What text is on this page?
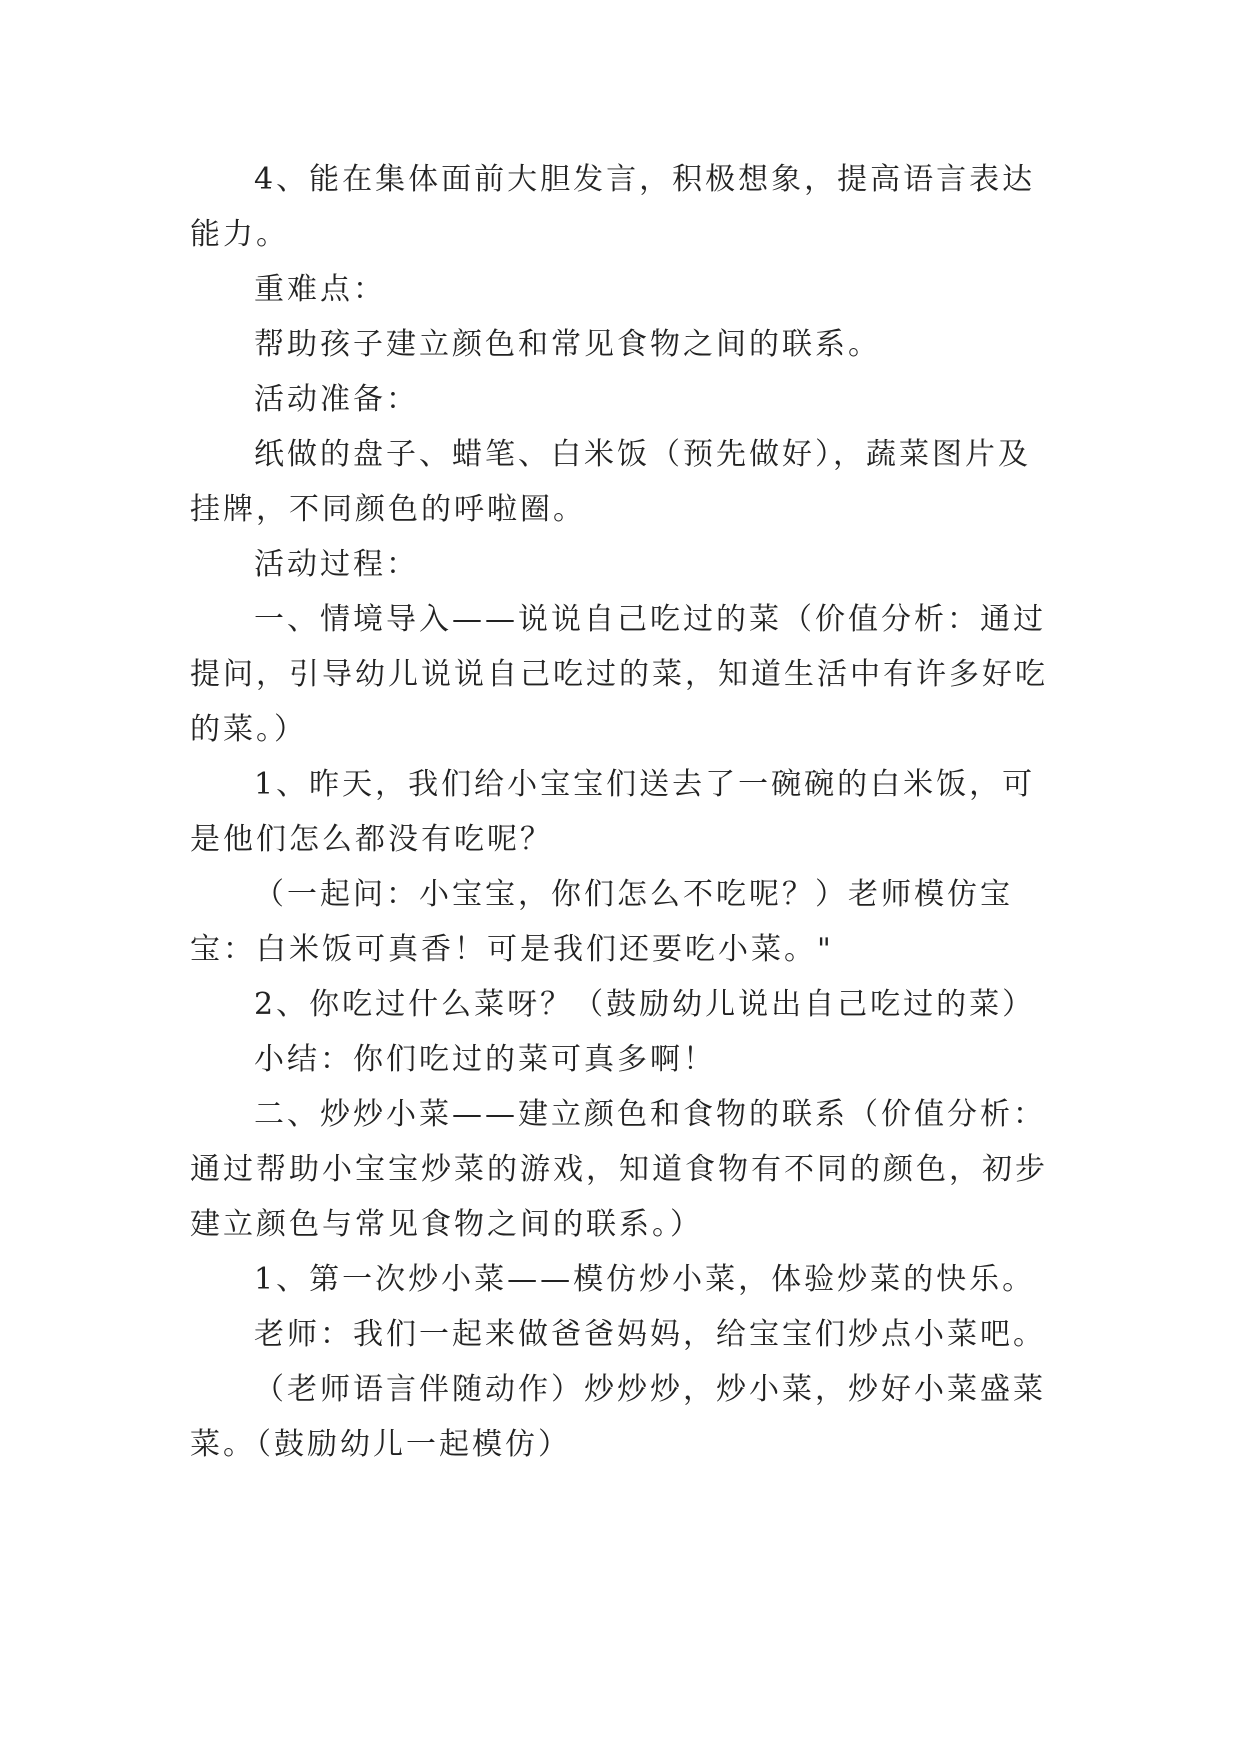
4、能在集体面前大胆发言，积极想象，提高语言表达能力。

重难点：

帮助孩子建立颜色和常见食物之间的联系。

活动准备：

纸做的盘子、蜡笔、白米饭（预先做好），蔬菜图片及挂牌，不同颜色的呼啦圈。

活动过程：

一、情境导入——说说自己吃过的菜（价值分析：通过提问，引导幼儿说说自己吃过的菜，知道生活中有许多好吃的菜。）

1、昨天，我们给小宝宝们送去了一碗碗的白米饭，可是他们怎么都没有吃呢？

（一起问：小宝宝，你们怎么不吃呢？）老师模仿宝宝：白米饭可真香！可是我们还要吃小菜。"

2、你吃过什么菜呀？（鼓励幼儿说出自己吃过的菜）

小结：你们吃过的菜可真多啊！

二、炒炒小菜——建立颜色和食物的联系（价值分析：通过帮助小宝宝炒菜的游戏，知道食物有不同的颜色，初步建立颜色与常见食物之间的联系。）

1、第一次炒小菜——模仿炒小菜，体验炒菜的快乐。

老师：我们一起来做爸爸妈妈，给宝宝们炒点小菜吧。

（老师语言伴随动作）炒炒炒，炒小菜，炒好小菜盛菜菜。（鼓励幼儿一起模仿）
